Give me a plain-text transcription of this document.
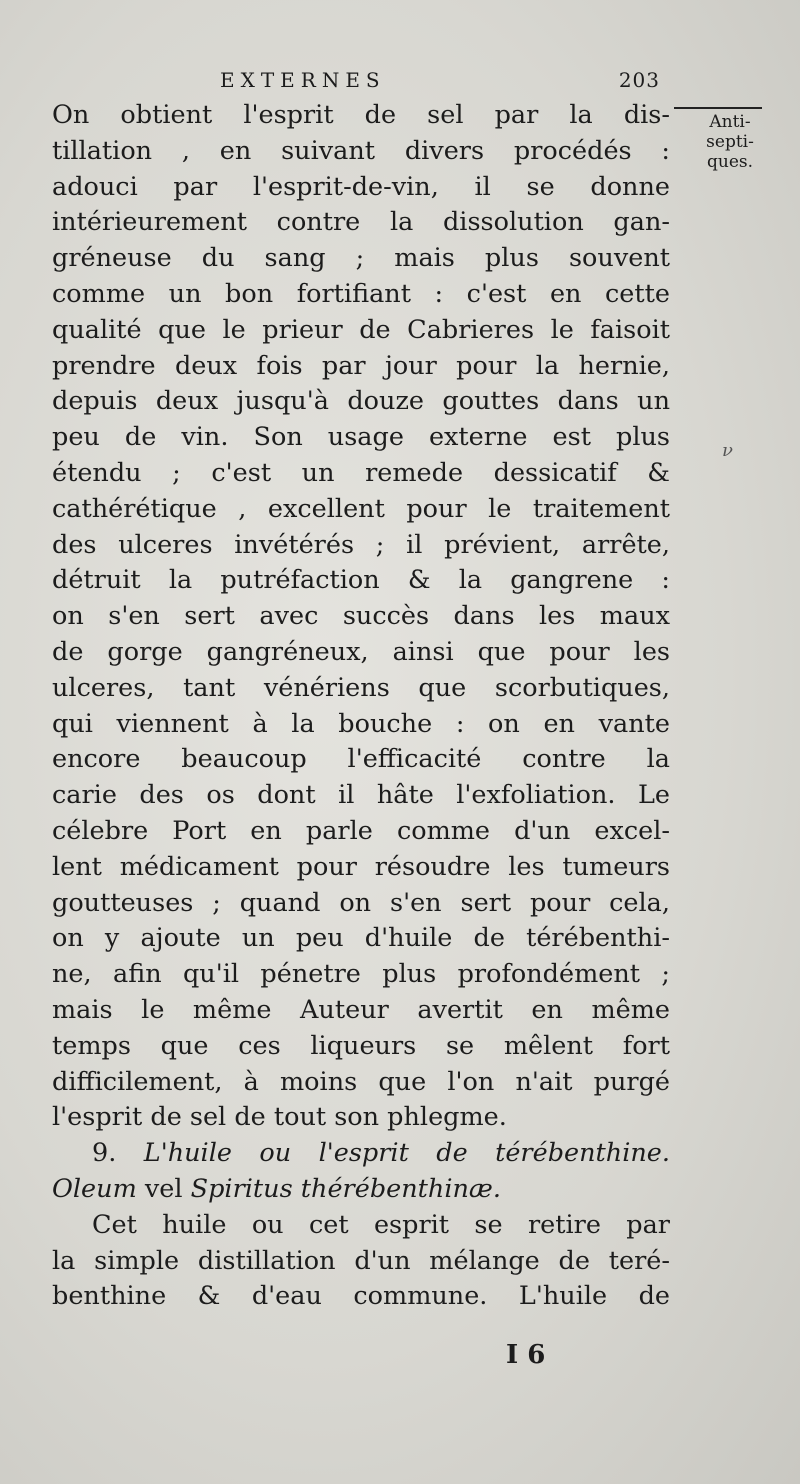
EXTERNES	203
Anti-
septi-
ques.
ν
On obtient l'esprit de sel par la dis-
tillation , en suivant divers procédés :
adouci par l'esprit-de-vin, il se donne
intérieurement contre la dissolution gan-
gréneuse du sang ; mais plus souvent
comme un bon fortifiant : c'est en cette
qualité que le prieur de Cabrieres le faisoit
prendre deux fois par jour pour la hernie,
depuis deux jusqu'à douze gouttes dans un
peu de vin. Son usage externe est plus
étendu ; c'est un remede dessicatif &
cathérétique , excellent pour le traitement
des ulceres invétérés ; il prévient, arrête,
détruit la putréfaction & la gangrene :
on s'en sert avec succès dans les maux
de gorge gangréneux, ainsi que pour les
ulceres, tant vénériens que scorbutiques,
qui viennent à la bouche : on en vante
encore beaucoup l'efficacité contre la
carie des os dont il hâte l'exfoliation. Le
célebre Port en parle comme d'un excel-
lent médicament pour résoudre les tumeurs
goutteuses ; quand on s'en sert pour cela,
on y ajoute un peu d'huile de térébenthi-
ne, afin qu'il pénetre plus profondément ;
mais le même Auteur avertit en même
temps que ces liqueurs se mêlent fort
difficilement, à moins que l'on n'ait purgé
l'esprit de sel de tout son phlegme.
9. L'huile ou l'esprit de térébenthine.
Oleum vel Spiritus thérébenthinæ.
Cet huile ou cet esprit se retire par
la simple distillation d'un mélange de teré-
benthine & d'eau commune. L'huile de
I 6
